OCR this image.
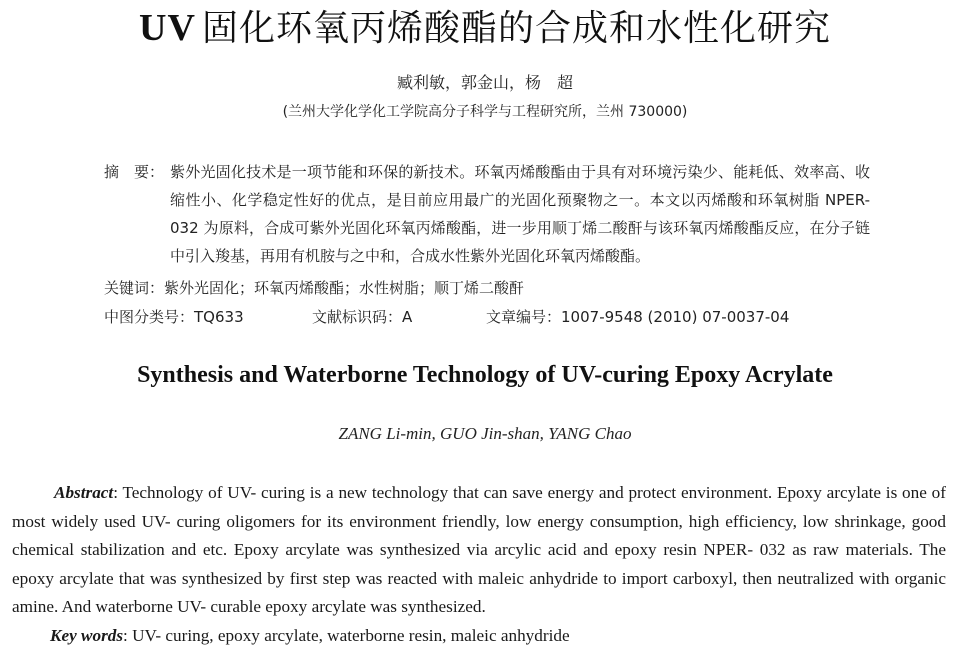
UV 固化环氧丙烯酸酯的合成和水性化研究
臧利敏，郭金山，杨　超
(兰州大学化学化工学院高分子科学与工程研究所，兰州 730000)
摘　要： 紫外光固化技术是一项节能和环保的新技术。环氧丙烯酸酯由于具有对环境污染少、能耗低、效率高、收缩性小、化学稳定性好的优点，是目前应用最广的光固化预聚物之一。本文以丙烯酸和环氧树脂 NPER-032 为原料，合成可紫外光固化环氧丙烯酸酯，进一步用顺丁烯二酸酐与该环氧丙烯酸酯反应，在分子链中引入羧基，再用有机胺与之中和，合成水性紫外光固化环氧丙烯酸酯。
关键词：紫外光固化；环氧丙烯酸酯；水性树脂；顺丁烯二酸酐
中图分类号：TQ633	文献标识码：A	文章编号：1007-9548 (2010) 07-0037-04
Synthesis and Waterborne Technology of UV-curing Epoxy Acrylate
ZANG Li-min, GUO Jin-shan, YANG Chao
Abstract: Technology of UV- curing is a new technology that can save energy and protect environment. Epoxy arcylate is one of most widely used UV- curing oligomers for its environment friendly, low energy consumption, high efficiency, low shrinkage, good chemical stabilization and etc. Epoxy arcylate was synthesized via arcylic acid and epoxy resin NPER- 032 as raw materials. The epoxy arcylate that was synthesized by first step was reacted with maleic anhydride to import carboxyl, then neutralized with organic amine. And waterborne UV- curable epoxy arcylate was synthesized.
Key words: UV- curing, epoxy arcylate, waterborne resin, maleic anhydride
